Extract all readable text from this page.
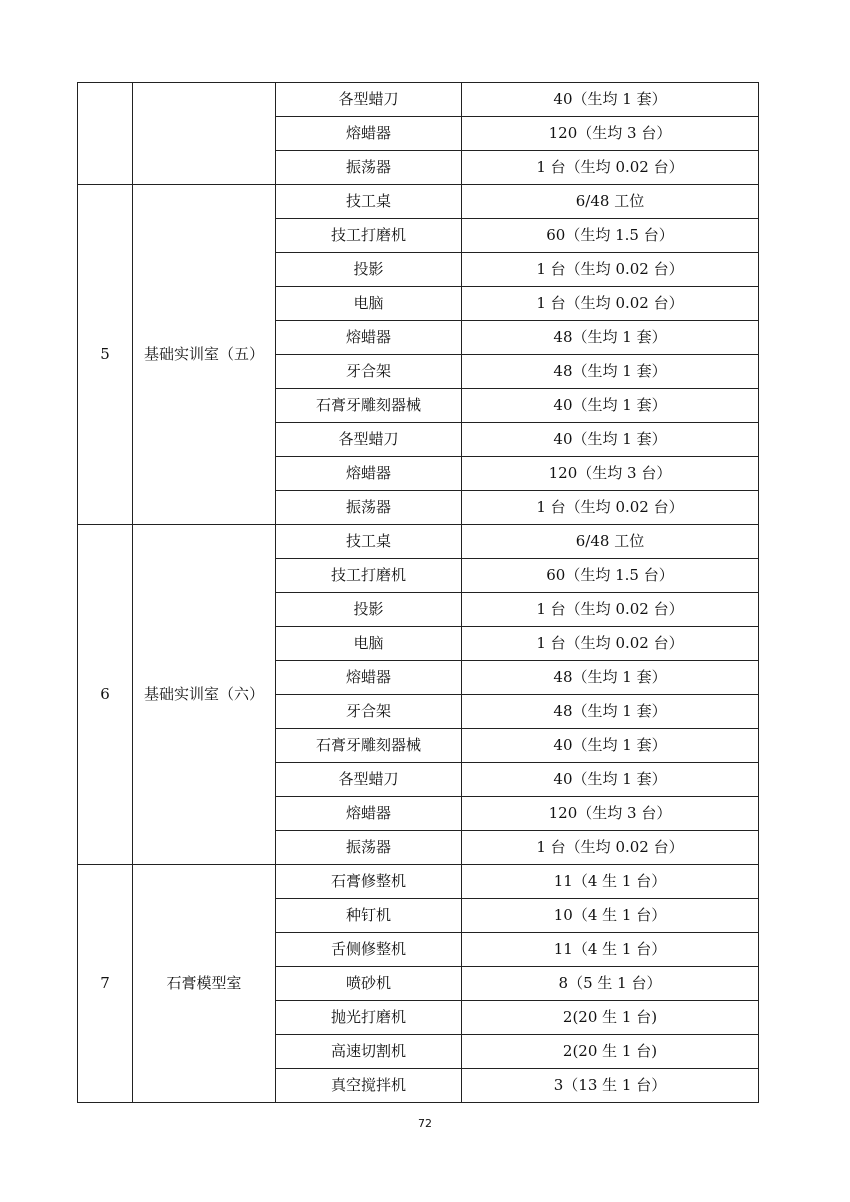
		各型蜡刀	40（生均 1 套）
		熔蜡器	120（生均 3 台）
		振荡器	1 台（生均 0.02 台）
5	基础实训室（五）	技工桌	6/48 工位
		技工打磨机	60（生均 1.5 台）
		投影	1 台（生均 0.02 台）
		电脑	1 台（生均 0.02 台）
		熔蜡器	48（生均 1 套）
		牙合架	48（生均 1 套）
		石膏牙雕刻器械	40（生均 1 套）
		各型蜡刀	40（生均 1 套）
		熔蜡器	120（生均 3 台）
		振荡器	1 台（生均 0.02 台）
6	基础实训室（六）	技工桌	6/48 工位
		技工打磨机	60（生均 1.5 台）
		投影	1 台（生均 0.02 台）
		电脑	1 台（生均 0.02 台）
		熔蜡器	48（生均 1 套）
		牙合架	48（生均 1 套）
		石膏牙雕刻器械	40（生均 1 套）
		各型蜡刀	40（生均 1 套）
		熔蜡器	120（生均 3 台）
		振荡器	1 台（生均 0.02 台）
7	石膏模型室	石膏修整机	11（4 生 1 台）
		种钉机	10（4 生 1 台）
		舌侧修整机	11（4 生 1 台）
		喷砂机	8（5 生 1 台）
		抛光打磨机	2(20 生 1 台)
		高速切割机	2(20 生 1 台)
		真空搅拌机	3（13 生 1 台）
72
